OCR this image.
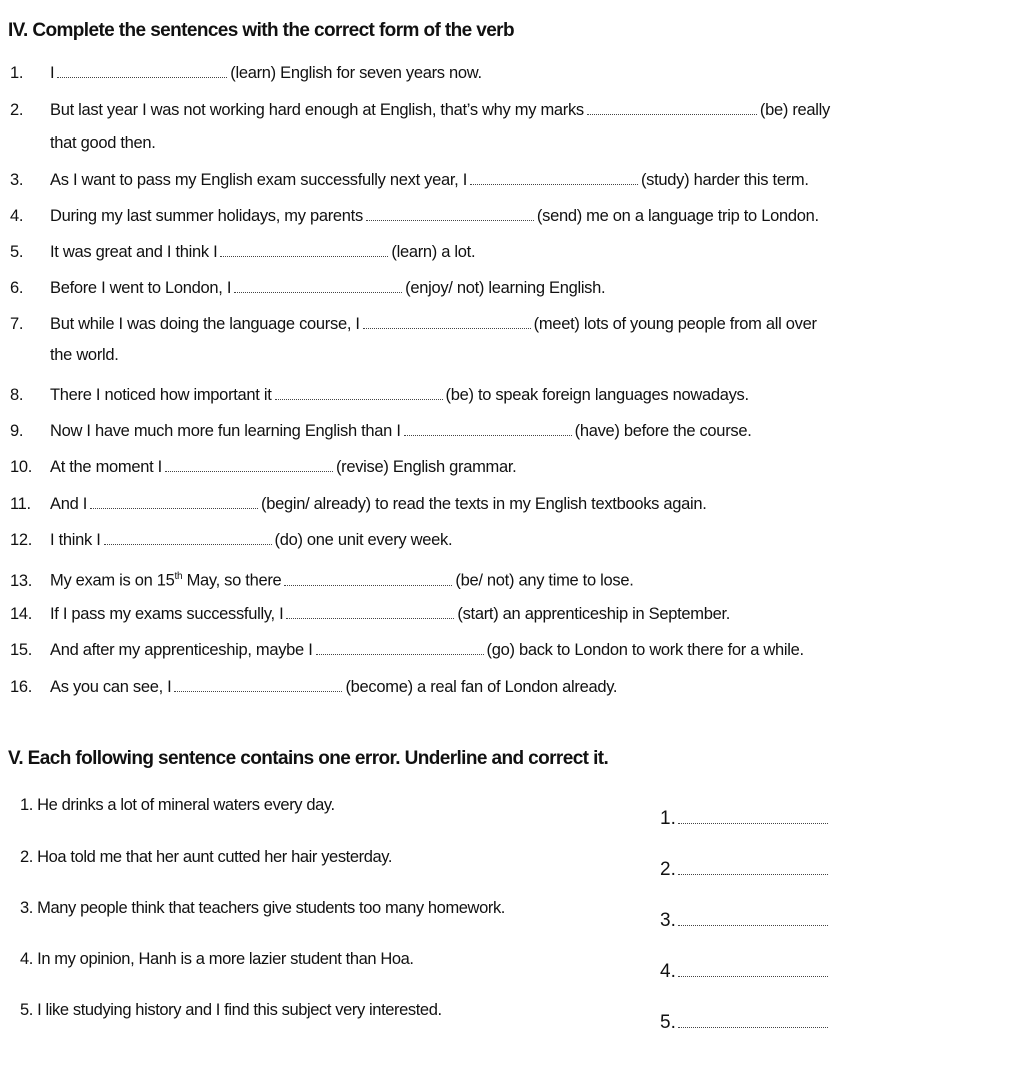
IV. Complete the sentences with the correct form of the verb
1. I	(learn) English for seven years now.
2. But last year I was not working hard enough at English, that’s why my marks	(be) really
that good then.
3. As I want to pass my English exam successfully next year, I	(study) harder this term.
4. During my last summer holidays, my parents	(send) me on a language trip to London.
5. It was great and I think I	(learn) a lot.
6. Before I went to London, I	(enjoy/ not) learning English.
7. But while I was doing the language course, I	(meet) lots of young people from all over
the world.
8. There I noticed how important it	(be) to speak foreign languages nowadays.
9. Now I have much more fun learning English than I	(have) before the course.
10. At the moment I	(revise) English grammar.
11. And I	(begin/ already) to read the texts in my English textbooks again.
12. I think I	(do) one unit every week.
13. My exam is on 15th May, so there	(be/ not) any time to lose.
14. If I pass my exams successfully, I	(start) an apprenticeship in September.
15. And after my apprenticeship, maybe I	(go) back to London to work there for a while.
16. As you can see, I	(become) a real fan of London already.
V. Each following sentence contains one error. Underline and correct it.
1. He drinks a lot of mineral waters every day.
2. Hoa told me that her aunt cutted her hair yesterday.
3. Many people think that teachers give students too many homework.
4. In my opinion, Hanh is a more lazier student than Hoa.
5. I like studying history and I find this subject very interested.
1.
2.
3.
4.
5.
